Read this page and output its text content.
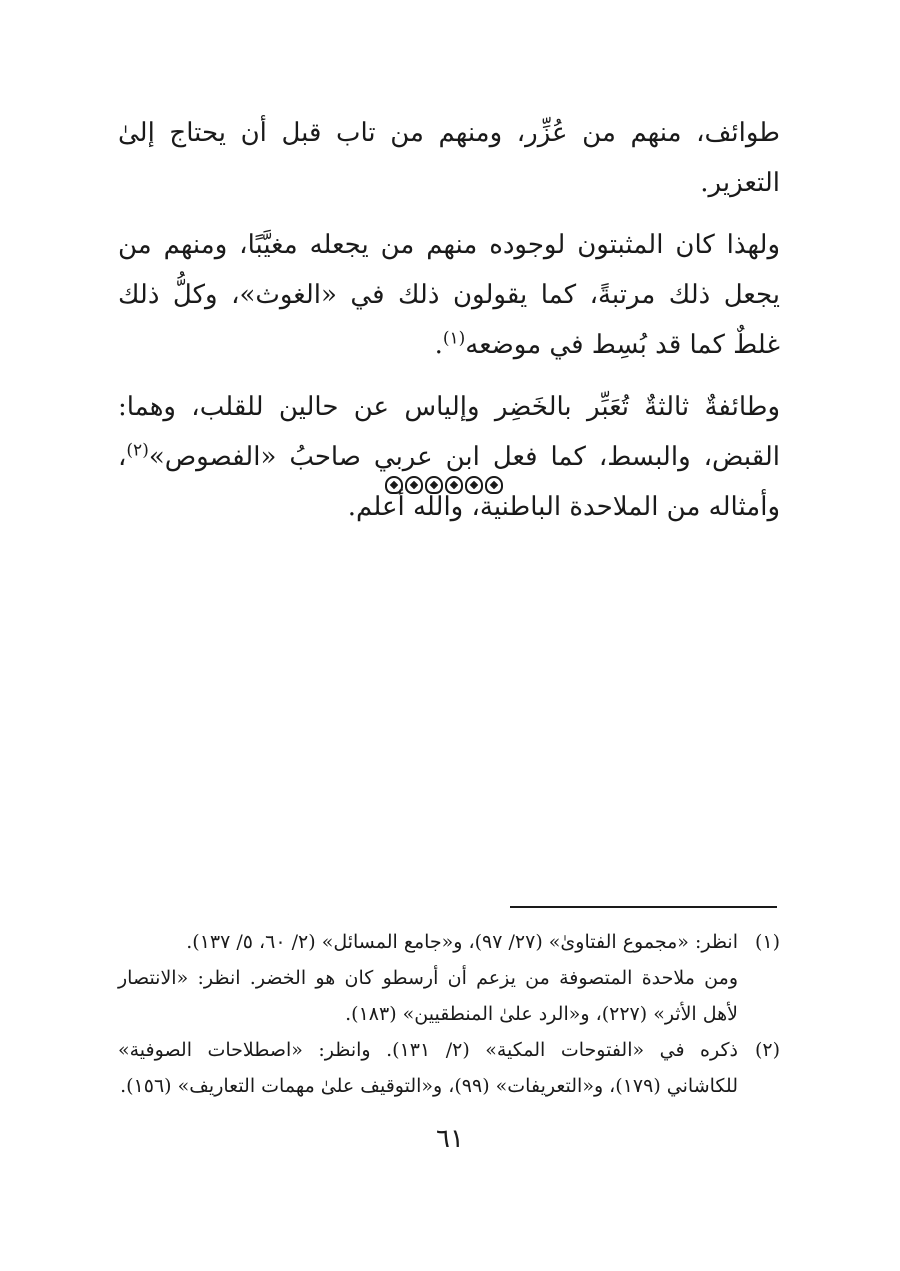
طوائف، منهم من عُزِّر، ومنهم من تاب قبل أن يحتاج إلىٰ التعزير.

ولهذا كان المثبتون لوجوده منهم من يجعله مغيَّبًا، ومنهم من يجعل ذلك مرتبةً، كما يقولون ذلك في «الغوث»، وكلُّ ذلك غلطٌ كما قد بُسِط في موضعه$^{(١)}$.

وطائفةٌ ثالثةٌ تُعَبِّر بالخَضِر وإلياس عن حالين للقلب، وهما: القبض، والبسط، كما فعل ابن عربي صاحبُ «الفصوص»$^{(٢)}$، وأمثاله من الملاحدة الباطنية، والله أعلم.

(١)

انظر: «مجموع الفتاوىٰ» (٢٧/ ٩٧)، و«جامع المسائل» (٢/ ٦٠، ٥/ ١٣٧).

ومن ملاحدة المتصوفة من يزعم أن أرسطو كان هو الخضر. انظر: «الانتصار لأهل الأثر» (٢٢٧)، و«الرد علىٰ المنطقيين» (١٨٣).

(٢)

ذكره في «الفتوحات المكية» (٢/ ١٣١). وانظر: «اصطلاحات الصوفية» للكاشاني (١٧٩)، و«التعريفات» (٩٩)، و«التوقيف علىٰ مهمات التعاريف» (١٥٦).

٦١
